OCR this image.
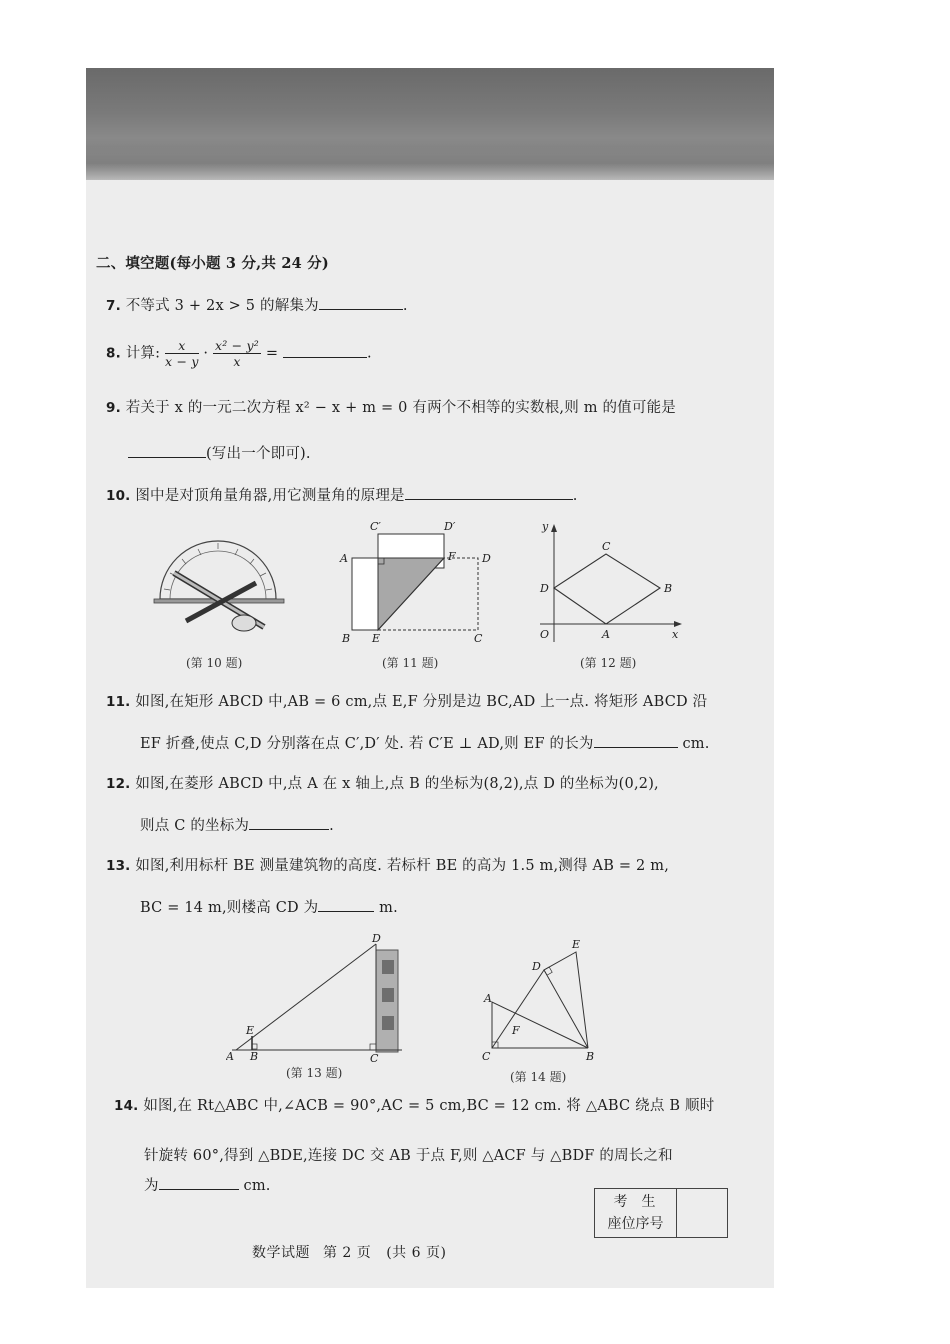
二、填空题(每小题 3 分,共 24 分)
7. 不等式 3 + 2x > 5 的解集为	.
8. 计算: $\frac{x}{x - y} \cdot \frac{\text{x² − y²}}{x}$ =	.
9. 若关于 x 的一元二次方程 x² − x + m = 0 有两个不相等的实数根,则 m 的值可能是
(写出一个即可).
10. 图中是对顶角量角器,用它测量角的原理是	.
(第 10 题)
C′	D′
A	F D
B E	C
(第 11 题)
y
C
D	B
O	A	x
(第 12 题)
11. 如图,在矩形 ABCD 中,AB = 6 cm,点 E,F 分别是边 BC,AD 上一点. 将矩形 ABCD 沿
EF 折叠,使点 C,D 分别落在点 C′,D′ 处. 若 C′E ⊥ AD,则 EF 的长为	cm.
12. 如图,在菱形 ABCD 中,点 A 在 x 轴上,点 B 的坐标为(8,2),点 D 的坐标为(0,2),
则点 C 的坐标为	.
13. 如图,利用标杆 BE 测量建筑物的高度. 若标杆 BE 的高为 1.5 m,测得 AB = 2 m,
BC = 14 m,则楼高 CD 为	m.
D
E
A B	C
(第 13 题)
E
D
A
F
C	B
(第 14 题)
14. 如图,在 Rt△ABC 中,∠ACB = 90°,AC = 5 cm,BC = 12 cm. 将 △ABC 绕点 B 顺时
针旋转 60°,得到 △BDE,连接 DC 交 AB 于点 F,则 △ACF 与 △BDF 的周长之和
为	cm.
考生
座位序号
数学试题 第 2 页 (共 6 页)
